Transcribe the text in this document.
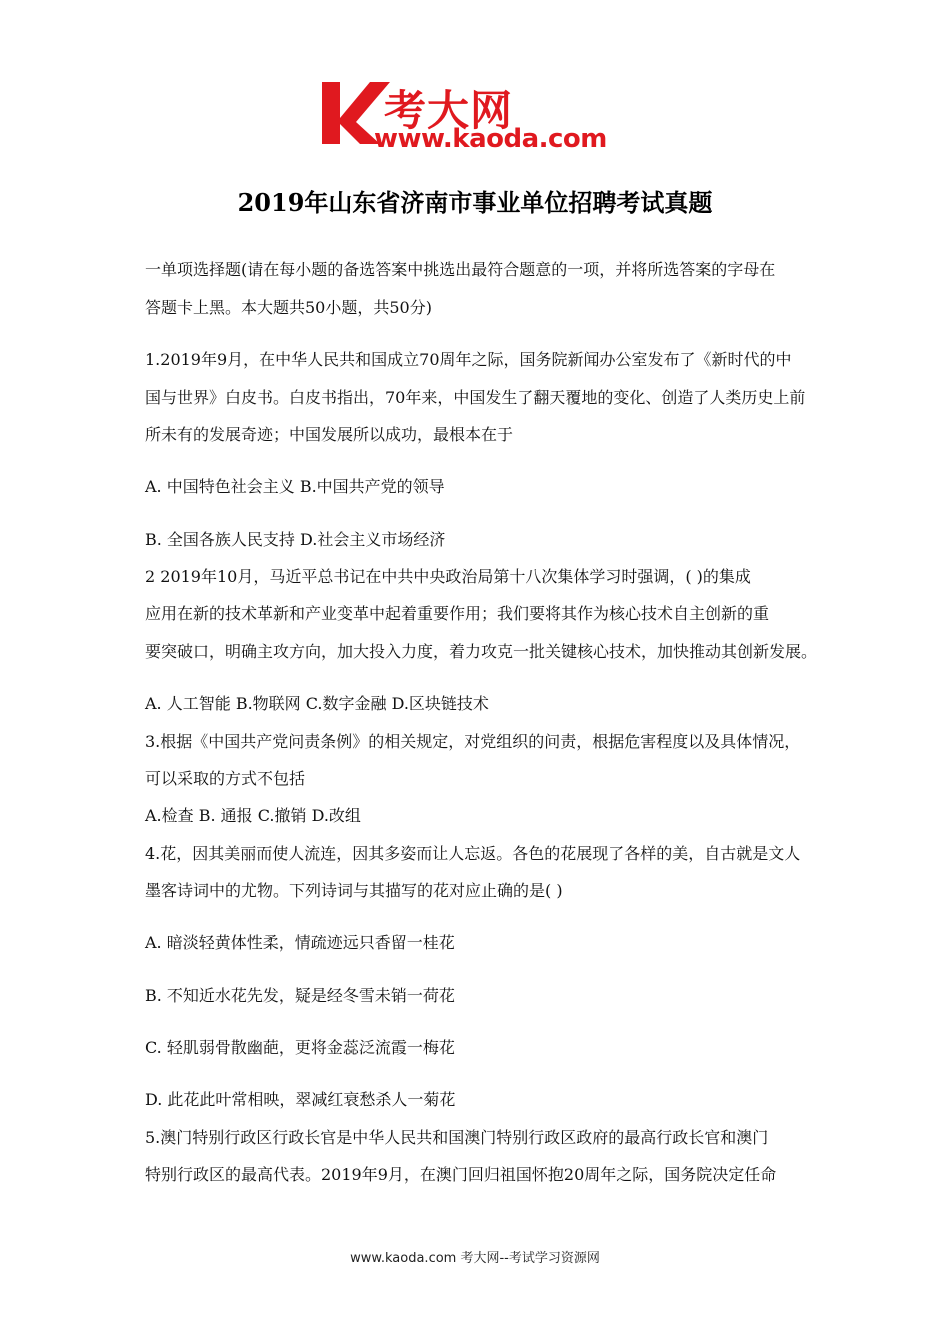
考大网
www.kaoda.com
2019年山东省济南市事业单位招聘考试真题
一单项选择题(请在每小题的备选答案中挑选出最符合题意的一项，并将所选答案的字母在
答题卡上黑。本大题共50小题，共50分)
1.2019年9月，在中华人民共和国成立70周年之际，国务院新闻办公室发布了《新时代的中
国与世界》白皮书。白皮书指出，70年来，中国发生了翻天覆地的变化、创造了人类历史上前
所未有的发展奇迹；中国发展所以成功，最根本在于
A. 中国特色社会主义 B.中国共产党的领导
B. 全国各族人民支持 D.社会主义市场经济
2 2019年10月，马近平总书记在中共中央政治局第十八次集体学习时强调，( )的集成
应用在新的技术革新和产业变革中起着重要作用；我们要将其作为核心技术自主创新的重
要突破口，明确主攻方向，加大投入力度，着力攻克一批关键核心技术，加快推动其创新发展。
A. 人工智能 B.物联网 C.数字金融 D.区块链技术
3.根据《中国共产党问责条例》的相关规定，对党组织的问责，根据危害程度以及具体情况，
可以采取的方式不包括
A.检查 B. 通报 C.撤销 D.改组
4.花，因其美丽而使人流连，因其多姿而让人忘返。各色的花展现了各样的美，自古就是文人
墨客诗词中的尤物。下列诗词与其描写的花对应止确的是( )
A. 暗淡轻黄体性柔，情疏迹远只香留一桂花
B. 不知近水花先发，疑是经冬雪未销一荷花
C. 轻肌弱骨散幽葩，更将金蕊泛流霞一梅花
D. 此花此叶常相映，翠减红衰愁杀人一菊花
5.澳门特别行政区行政长官是中华人民共和国澳门特别行政区政府的最高行政长官和澳门
特别行政区的最高代表。2019年9月，在澳门回归祖国怀抱20周年之际，国务院决定任命
www.kaoda.com 考大网--考试学习资源网
